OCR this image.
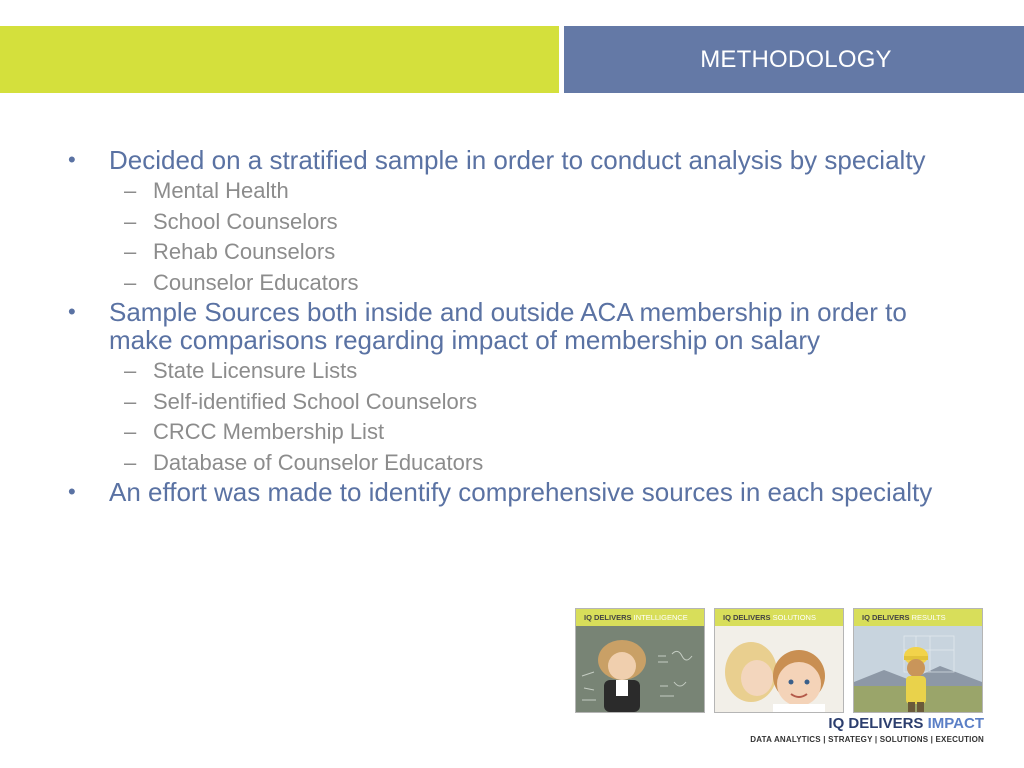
METHODOLOGY
• Decided on a stratified sample in order to conduct analysis by specialty
– Mental Health
– School Counselors
– Rehab Counselors
– Counselor Educators
• Sample Sources both inside and outside ACA membership in order to make comparisons regarding impact of membership on salary
– State Licensure Lists
– Self-identified School Counselors
– CRCC Membership List
– Database of Counselor Educators
• An effort was made to identify comprehensive sources in each specialty
IQ DELIVERS INTELLIGENCE	IQ DELIVERS SOLUTIONS	IQ DELIVERS RESULTS
IQ DELIVERS IMPACT
DATA ANALYTICS | STRATEGY | SOLUTIONS | EXECUTION
